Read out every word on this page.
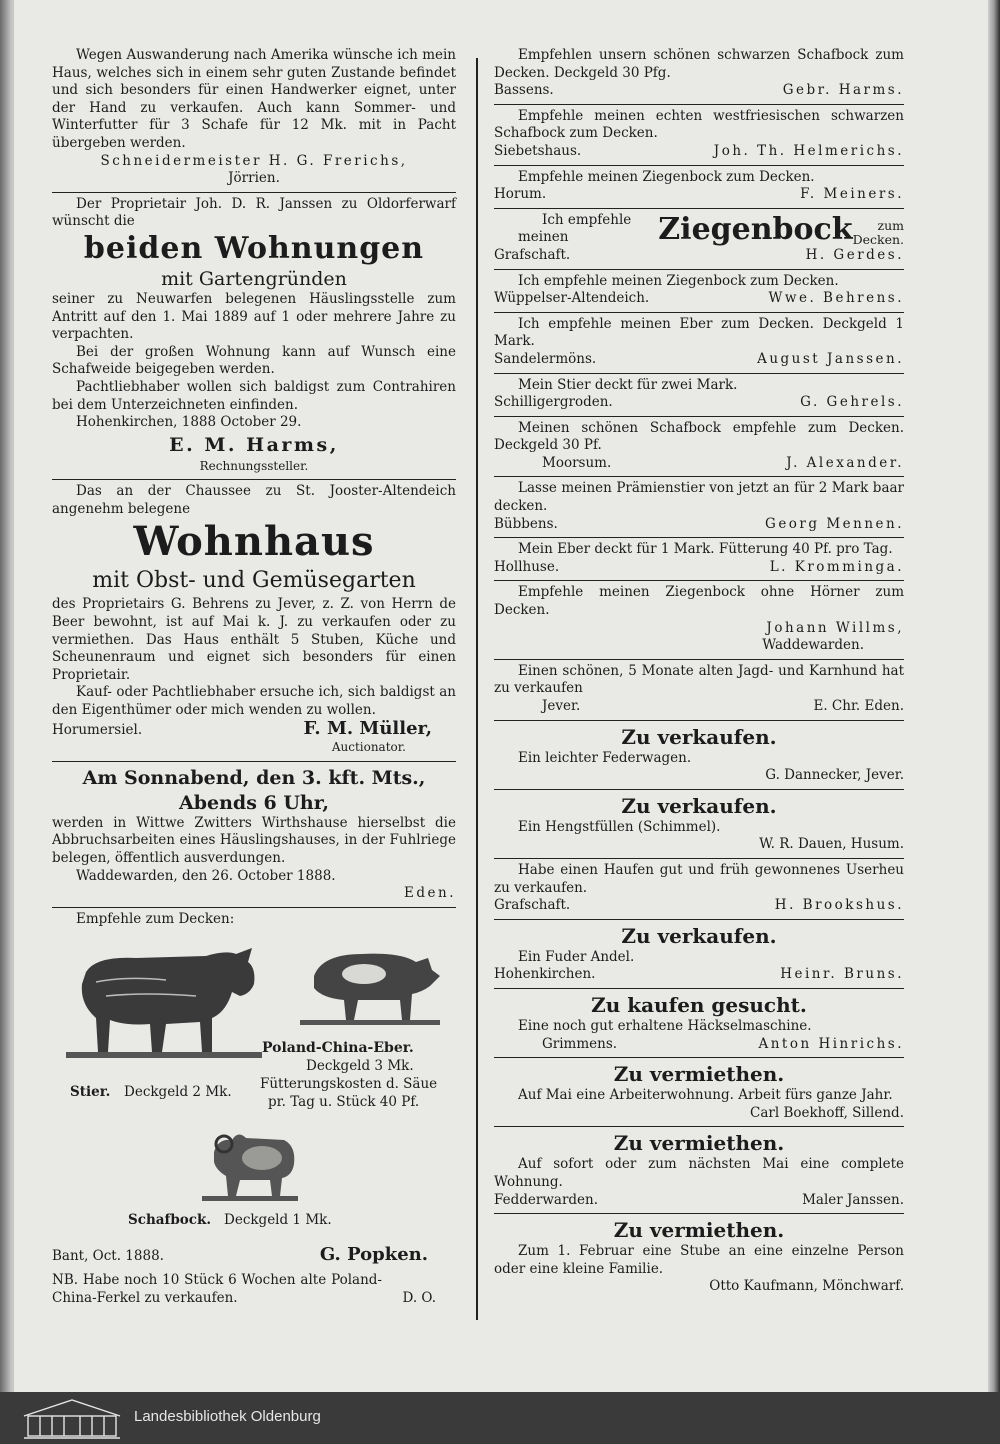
Wegen Auswanderung nach Amerika wünsche ich mein Haus, welches sich in einem sehr guten Zustande befindet und sich besonders für einen Handwerker eignet, unter der Hand zu verkaufen. Auch kann Sommer- und Winterfutter für 3 Schafe für 12 Mk. mit in Pacht übergeben werden.

Schneidermeister H. G. Frerichs,

Jörrien.

Der Proprietair Joh. D. R. Janssen zu Oldorferwarf wünscht die

beiden Wohnungen

mit Gartengründen

seiner zu Neuwarfen belegenen Häuslingsstelle zum Antritt auf den 1. Mai 1889 auf 1 oder mehrere Jahre zu verpachten.

Bei der großen Wohnung kann auf Wunsch eine Schafweide beigegeben werden.

Pachtliebhaber wollen sich baldigst zum Contrahiren bei dem Unterzeichneten einfinden.

Hohenkirchen, 1888 October 29.

E. M. Harms,

Rechnungssteller.

Das an der Chaussee zu St. Jooster-Altendeich angenehm belegene

Wohnhaus

mit Obst- und Gemüsegarten

des Proprietairs G. Behrens zu Jever, z. Z. von Herrn de Beer bewohnt, ist auf Mai k. J. zu verkaufen oder zu vermiethen. Das Haus enthält 5 Stuben, Küche und Scheunenraum und eignet sich besonders für einen Proprietair.

Kauf- oder Pachtliebhaber ersuche ich, sich baldigst an den Eigenthümer oder mich wenden zu wollen.

Horumersiel.	F. M. Müller,

Auctionator.

Am Sonnabend, den 3. kft. Mts.,

Abends 6 Uhr,

werden in Wittwe Zwitters Wirthshause hierselbst die Abbruchsarbeiten eines Häuslingshauses, in der Fuhlriege belegen, öffentlich ausverdungen.

Waddewarden, den 26. October 1888.

Eden.

Empfehle zum Decken:

Poland-China-Eber.
Deckgeld 3 Mk.
Fütterungskosten d. Säue
pr. Tag u. Stück 40 Pf.
Stier. Deckgeld 2 Mk.
Schafbock. Deckgeld 1 Mk.
Bant, Oct. 1888.	G. Popken.
NB. Habe noch 10 Stück 6 Wochen alte Poland-China-Ferkel zu verkaufen.	D. O.

Empfehlen unsern schönen schwarzen Schafbock zum Decken. Deckgeld 30 Pfg.

Bassens.	Gebr. Harms.

Empfehle meinen echten westfriesischen schwarzen Schafbock zum Decken.

Siebetshaus.	Joh. Th. Helmerichs.

Empfehle meinen Ziegenbock zum Decken.

Horum.	F. Meiners.
Ich empfehle meinen	Ziegenbock	zum
Decken.
Grafschaft.	H. Gerdes.

Ich empfehle meinen Ziegenbock zum Decken.

Wüppelser-Altendeich.	Wwe. Behrens.

Ich empfehle meinen Eber zum Decken. Deckgeld 1 Mark.

Sandelermöns.	August Janssen.

Mein Stier deckt für zwei Mark.

Schilligergroden.	G. Gehrels.

Meinen schönen Schafbock empfehle zum Decken. Deckgeld 30 Pf.

Moorsum.	J. Alexander.

Lasse meinen Prämienstier von jetzt an für 2 Mark baar decken.

Bübbens.	Georg Mennen.

Mein Eber deckt für 1 Mark. Fütterung 40 Pf. pro Tag.

Hollhuse.	L. Kromminga.

Empfehle meinen Ziegenbock ohne Hörner zum Decken.

Johann Willms,

Waddewarden.

Einen schönen, 5 Monate alten Jagd- und Karnhund hat zu verkaufen

Jever.	E. Chr. Eden.

Zu verkaufen.

Ein leichter Federwagen.

G. Dannecker, Jever.

Zu verkaufen.

Ein Hengstfüllen (Schimmel).

W. R. Dauen, Husum.

Habe einen Haufen gut und früh gewonnenes Userheu zu verkaufen.

Grafschaft.	H. Brookshus.

Zu verkaufen.

Ein Fuder Andel.

Hohenkirchen.	Heinr. Bruns.

Zu kaufen gesucht.

Eine noch gut erhaltene Häckselmaschine.

Grimmens.	Anton Hinrichs.

Zu vermiethen.

Auf Mai eine Arbeiterwohnung. Arbeit fürs ganze Jahr.

Carl Boekhoff, Sillend.

Zu vermiethen.

Auf sofort oder zum nächsten Mai eine complete Wohnung.

Fedderwarden.	Maler Janssen.

Zu vermiethen.

Zum 1. Februar eine Stube an eine einzelne Person oder eine kleine Familie.

Otto Kaufmann, Mönchwarf.

Landesbibliothek Oldenburg
